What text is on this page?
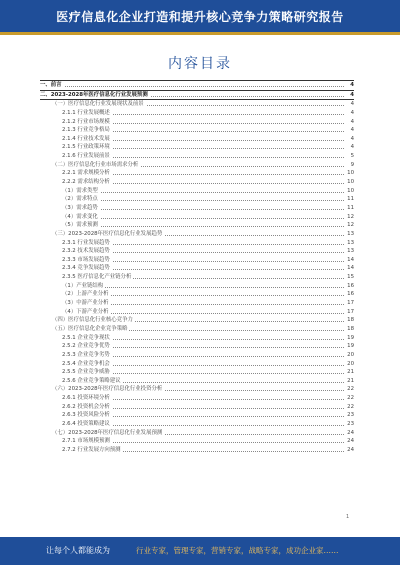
医疗信息化企业打造和提升核心竞争力策略研究报告
内容目录
一、前言	4
二、2023-2028年医疗信息化行业发展预测	4
（一）医疗信息化行业发展现状及前景	4
2.1.1 行业发展概述	4
2.1.2 行业市场规模	4
2.1.3 行业竞争格局	4
2.1.4 行业技术发展	4
2.1.5 行业政策环境	4
2.1.6 行业发展前景	5
（二）医疗信息化行业市场需求分析	9
2.2.1 需求规模分析	10
2.2.2 需求结构分析	10
（1）需求类型	10
（2）需求特点	11
（3）需求趋势	11
（4）需求变化	12
（5）需求预测	12
（三）2023-2028年医疗信息化行业发展趋势	13
2.3.1 行业发展趋势	13
2.3.2 技术发展趋势	13
2.3.3 市场发展趋势	14
2.3.4 竞争发展趋势	14
2.3.5 医疗信息化产业链分析	15
（1）产业链结构	16
（2）上游产业分析	16
（3）中游产业分析	17
（4）下游产业分析	17
（四）医疗信息化行业核心竞争力	18
（五）医疗信息化企业竞争策略	18
2.5.1 企业竞争现状	19
2.5.2 企业竞争优势	19
2.5.3 企业竞争劣势	20
2.5.4 企业竞争机会	20
2.5.5 企业竞争威胁	21
2.5.6 企业竞争策略建议	21
（六）2023-2028年医疗信息化行业投资分析	22
2.6.1 投资环境分析	22
2.6.2 投资机会分析	22
2.6.3 投资风险分析	23
2.6.4 投资策略建议	23
（七）2023-2028年医疗信息化行业发展预测	24
2.7.1 市场规模预测	24
2.7.2 行业发展方向预测	24
1
让每个人都能成为	行业专家，管理专家，营销专家，战略专家，成功企业家……
